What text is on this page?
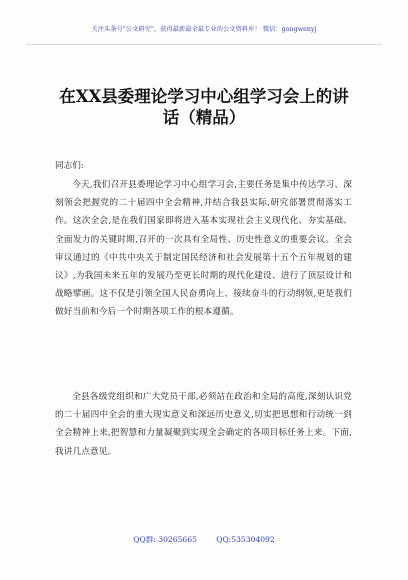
关注头条号"公文研究"，获得最新最全最专业的公文资料库！ 微信：gongwenyj
在XX县委理论学习中心组学习会上的讲话（精品）
同志们:

今天,我们召开县委理论学习中心组学习会,主要任务是集中传达学习、深刻领会把握党的二十届四中全会精神,并结合我县实际,研究部署贯彻落实工作。这次全会,是在我们国家即将进入基本实现社会主义现代化、夯实基础、全面发力的关键时期,召开的一次具有全局性、历史性意义的重要会议。全会审议通过的《中共中央关于制定国民经济和社会发展第十五个五年规划的建议》,为我国未来五年的发展乃至更长时期的现代化建设、进行了顶层设计和战略擘画。这不仅是引领全国人民奋勇向上、接续奋斗的行动纲领,更是我们做好当前和今后一个时期各项工作的根本遵循。

全县各级党组织和广大党员干部,必须站在政治和全局的高度,深刻认识党的二十届四中全会的重大现实意义和深远历史意义,切实把思想和行动统一到全会精神上来,把智慧和力量凝聚到实现全会确定的各项目标任务上来。下面,我讲几点意见。

QQ群: 30265665        QQ:535304092
